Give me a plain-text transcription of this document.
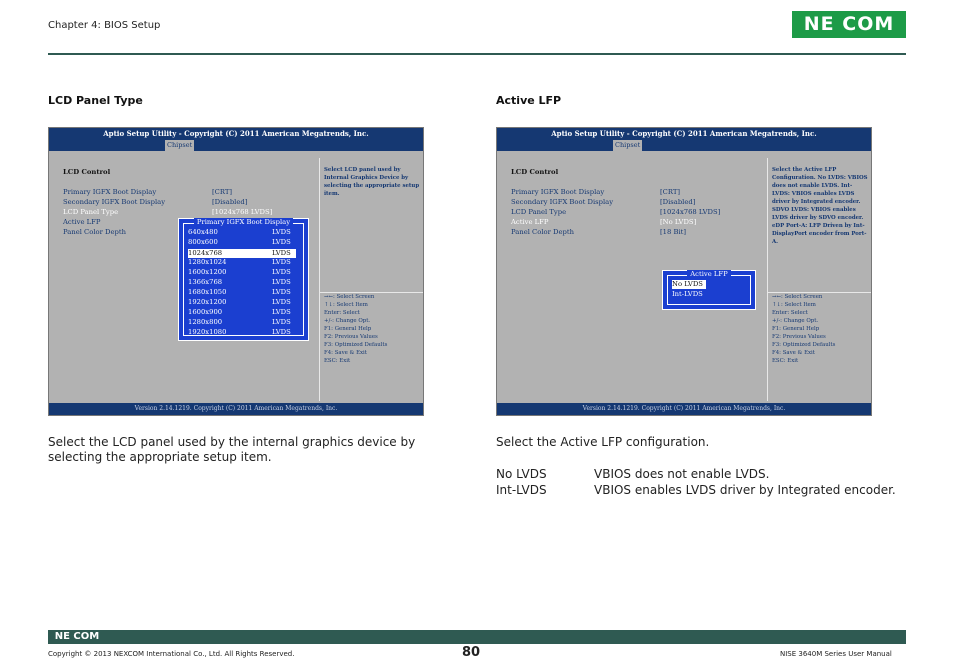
Chapter 4: BIOS Setup	NE COM
LCD Panel Type
Aptio Setup Utility - Copyright (C) 2011 American Megatrends, Inc.
Chipset
LCD Control
Primary IGFX Boot Display	[CRT]
Secondary IGFX Boot Display	[Disabled]
LCD Panel Type	[1024x768 LVDS]
Active LFP
Panel Color Depth
Primary IGFX Boot Display
640x480	LVDS
800x600	LVDS
1024x768	LVDS
1280x1024	LVDS
1600x1200	LVDS
1366x768	LVDS
1680x1050	LVDS
1920x1200	LVDS
1600x900	LVDS
1280x800	LVDS
1920x1080	LVDS
Select LCD panel used by Internal Graphics Device by selecting the appropriate setup item.
→←: Select Screen
↑↓: Select Item
Enter: Select
+/-: Change Opt.
F1: General Help
F2: Previous Values
F3: Optimized Defaults
F4: Save & Exit
ESC: Exit
Version 2.14.1219. Copyright (C) 2011 American Megatrends, Inc.
Select the LCD panel used by the internal graphics device by selecting the appropriate setup item.
Active LFP
Aptio Setup Utility - Copyright (C) 2011 American Megatrends, Inc.
Chipset
LCD Control
Primary IGFX Boot Display	[CRT]
Secondary IGFX Boot Display	[Disabled]
LCD Panel Type	[1024x768 LVDS]
Active LFP	[No LVDS]
Panel Color Depth	[18 Bit]
Active LFP
No LVDS
Int-LVDS
Select the Active LFP Configuration. No LVDS: VBIOS does not enable LVDS. Int-LVDS: VBIOS enables LVDS driver by Integrated encoder. SDVO LVDS: VBIOS enables LVDS driver by SDVO encoder. eDP Port-A: LFP Driven by Int-DisplayPort encoder from Port-A.
→←: Select Screen
↑↓: Select Item
Enter: Select
+/-: Change Opt.
F1: General Help
F2: Previous Values
F3: Optimized Defaults
F4: Save & Exit
ESC: Exit
Version 2.14.1219. Copyright (C) 2011 American Megatrends, Inc.
Select the Active LFP configuration.
No LVDS	VBIOS does not enable LVDS.
Int-LVDS	VBIOS enables LVDS driver by Integrated encoder.
NE COM
Copyright © 2013 NEXCOM International Co., Ltd. All Rights Reserved.	80	NISE 3640M Series User Manual
